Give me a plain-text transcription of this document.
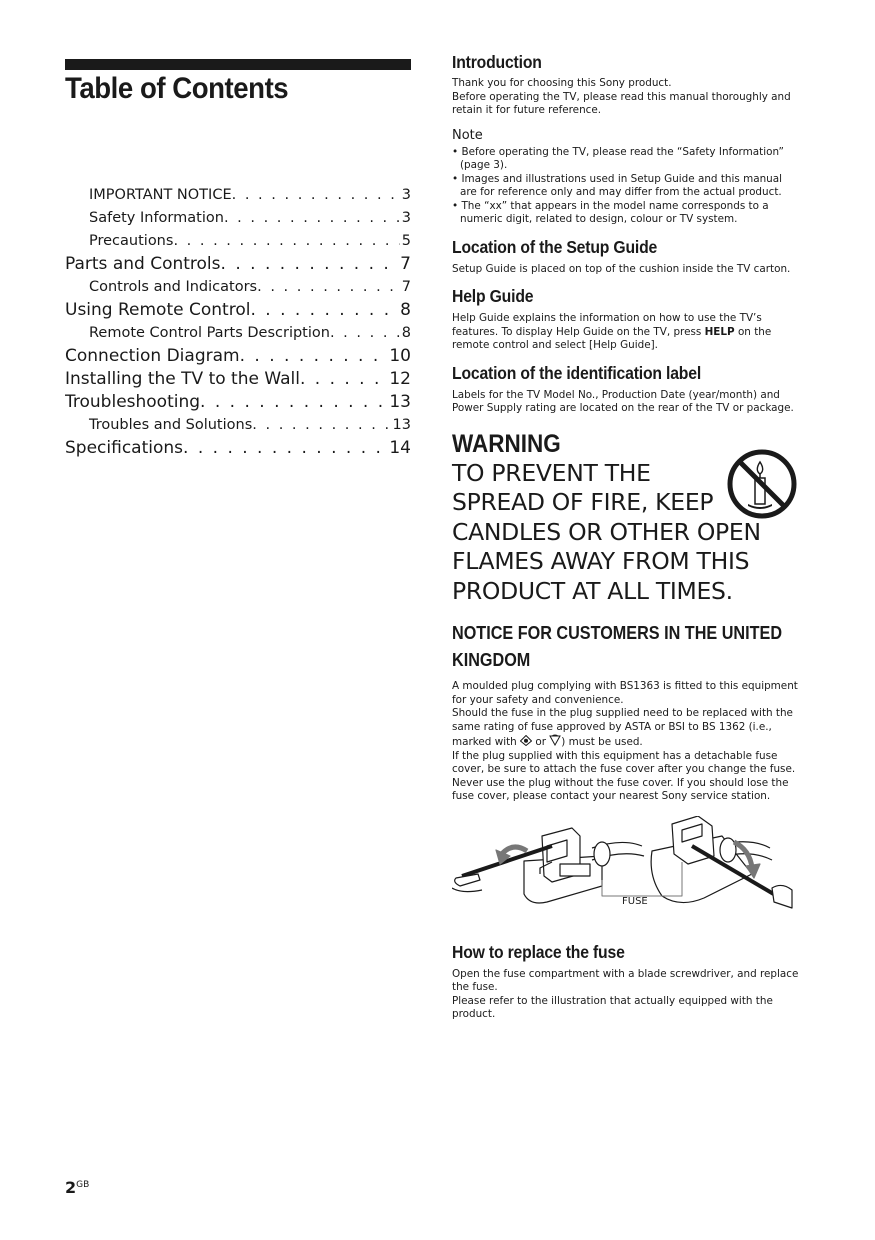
Table of Contents
IMPORTANT NOTICE . . .	3
Safety Information . . .	3
Precautions . . .	5
Parts and Controls . . .	7
Controls and Indicators . . .	7
Using Remote Control . . .	8
Remote Control Parts Description . . .	8
Connection Diagram . . .	10
Installing the TV to the Wall . . .	12
Troubleshooting . . .	13
Troubles and Solutions . . .	13
Specifications . . .	14
Introduction

Thank you for choosing this Sony product.

Before operating the TV, please read this manual thoroughly and retain it for future reference.

Note
• Before operating the TV, please read the “Safety Information” (page 3).
• Images and illustrations used in Setup Guide and this manual are for reference only and may differ from the actual product.
• The “xx” that appears in the model name corresponds to a numeric digit, related to design, colour or TV system.
Location of the Setup Guide

Setup Guide is placed on top of the cushion inside the TV carton.

Help Guide

Help Guide explains the information on how to use the TV’s features. To display Help Guide on the TV, press HELP on the remote control and select [Help Guide].

Location of the identification label

Labels for the TV Model No., Production Date (year/month) and Power Supply rating are located on the rear of the TV or package.

WARNING
TO PREVENT THE
SPREAD OF FIRE, KEEP
CANDLES OR OTHER OPEN
FLAMES AWAY FROM THIS
PRODUCT AT ALL TIMES.
NOTICE FOR CUSTOMERS IN THE UNITED KINGDOM

A moulded plug complying with BS1363 is fitted to this equipment for your safety and convenience.

Should the fuse in the plug supplied need to be replaced with the same rating of fuse approved by ASTA or BSI to BS 1362 (i.e., marked with  or ) must be used.

If the plug supplied with this equipment has a detachable fuse cover, be sure to attach the fuse cover after you change the fuse. Never use the plug without the fuse cover. If you should lose the fuse cover, please contact your nearest Sony service station.

FUSE
How to replace the fuse

Open the fuse compartment with a blade screwdriver, and replace the fuse.

Please refer to the illustration that actually equipped with the product.

$2^{GB}$
